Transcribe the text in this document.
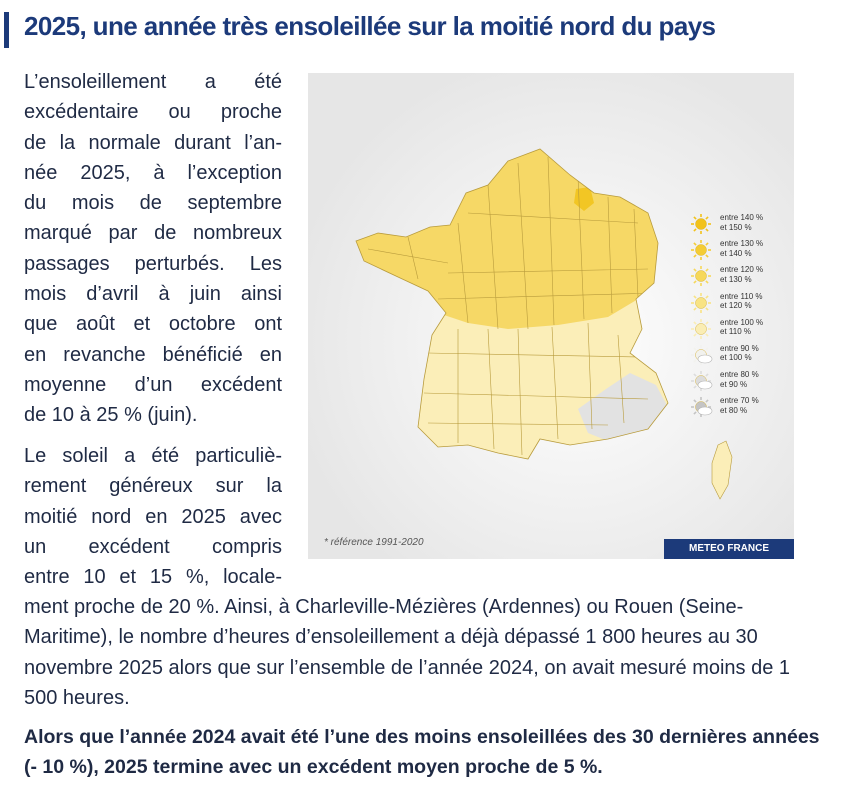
2025, une année très ensoleillée sur la moitié nord du pays

L’ensoleillement a été
excédentaire ou proche
de la normale durant l’an-
née 2025, à l’exception
du mois de septembre
marqué par de nombreux
passages perturbés. Les
mois d’avril à juin ainsi
que août et octobre ont
en revanche bénéficié en
moyenne d’un excédent
de 10 à 25 % (juin).

Le soleil a été particuliè-
rement généreux sur la
moitié nord en 2025 avec
un excédent compris
entre 10 et 15 %, locale-

ment proche de 20 %. Ainsi, à Charleville-Mézières (Ardennes) ou Rouen (Seine-Maritime), le nombre d’heures d’ensoleillement a déjà dépassé 1 800 heures au 30 novembre 2025 alors que sur l’ensemble de l’année 2024, on avait mesuré moins de 1 500 heures.

Alors que l’année 2024 avait été l’une des moins ensoleillées des 30 dernières années (- 10 %), 2025 termine avec un excédent moyen proche de 5 %.

entre 140 %
et 150 %
entre 130 %
et 140 %
entre 120 %
et 130 %
entre 110 %
et 120 %
entre 100 %
et 110 %
entre 90 %
et 100 %
entre 80 %
et 90 %
entre 70 %
et 80 %
* référence 1991-2020
METEO FRANCE
